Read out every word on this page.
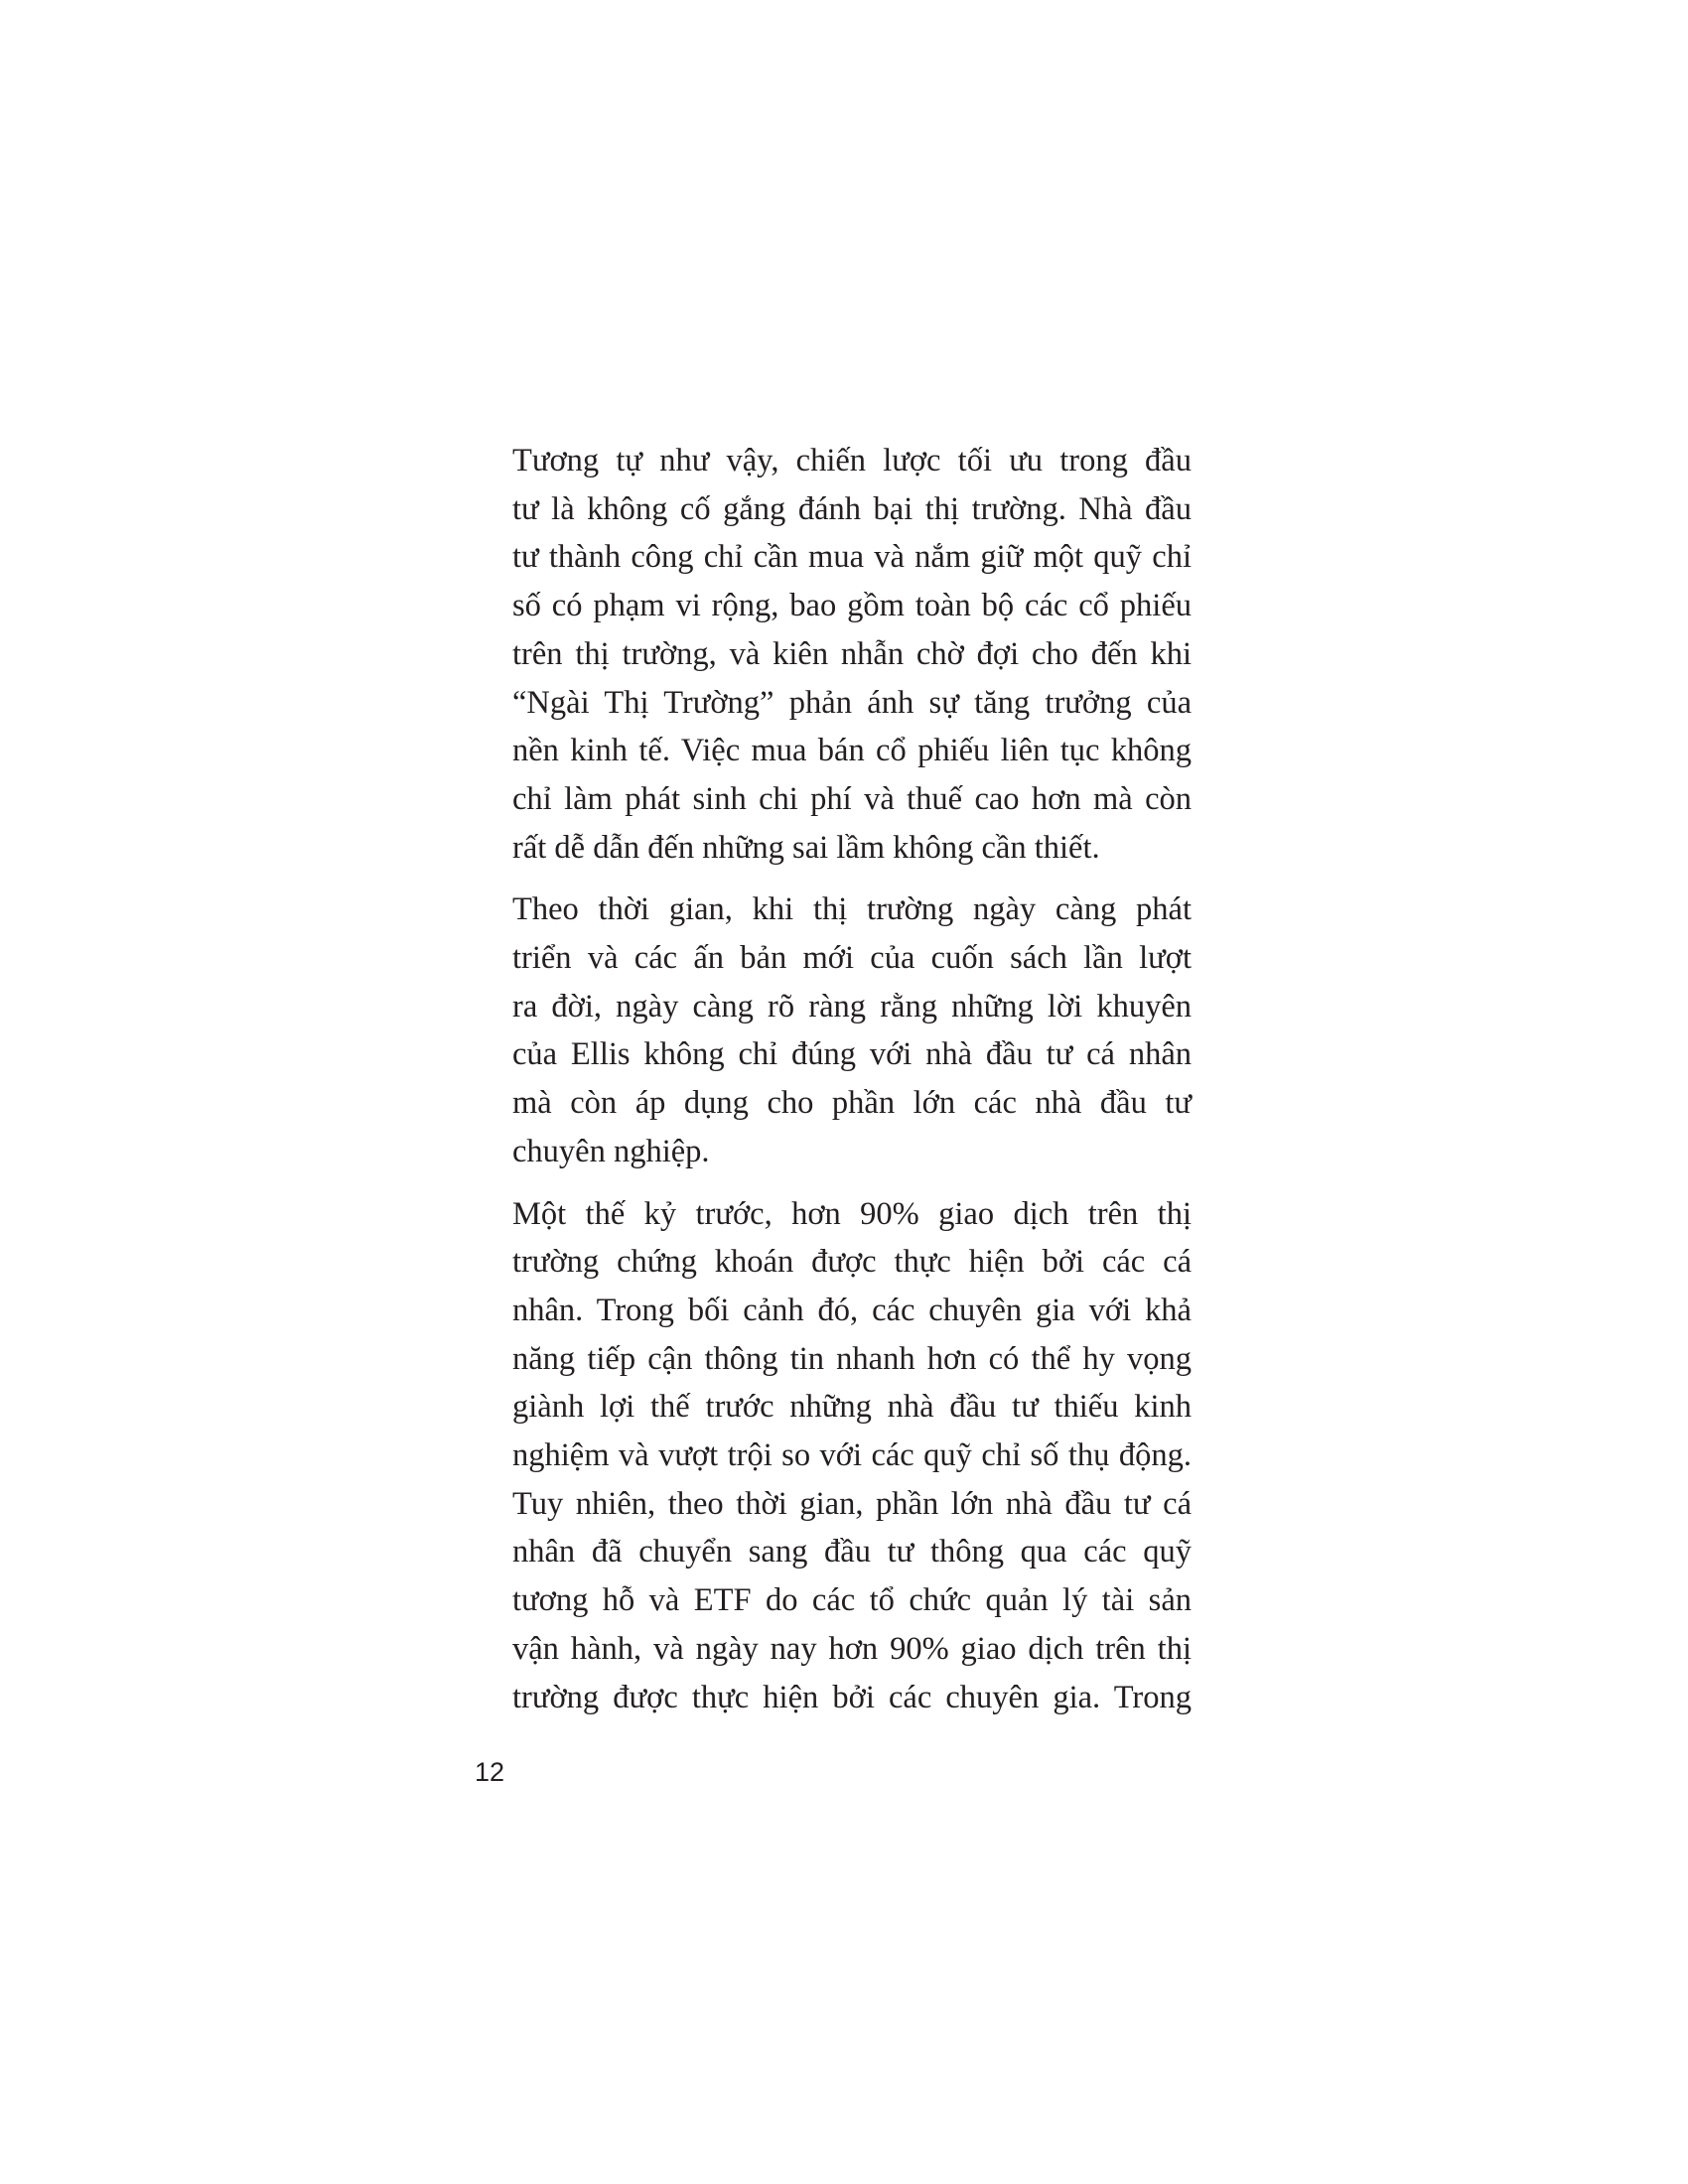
Tương tự như vậy, chiến lược tối ưu trong đầu
tư là không cố gắng đánh bại thị trường. Nhà đầu
tư thành công chỉ cần mua và nắm giữ một quỹ chỉ
số có phạm vi rộng, bao gồm toàn bộ các cổ phiếu
trên thị trường, và kiên nhẫn chờ đợi cho đến khi
“Ngài Thị Trường” phản ánh sự tăng trưởng của
nền kinh tế. Việc mua bán cổ phiếu liên tục không
chỉ làm phát sinh chi phí và thuế cao hơn mà còn
rất dễ dẫn đến những sai lầm không cần thiết.

Theo thời gian, khi thị trường ngày càng phát
triển và các ấn bản mới của cuốn sách lần lượt
ra đời, ngày càng rõ ràng rằng những lời khuyên
của Ellis không chỉ đúng với nhà đầu tư cá nhân
mà còn áp dụng cho phần lớn các nhà đầu tư
chuyên nghiệp.

Một thế kỷ trước, hơn 90% giao dịch trên thị
trường chứng khoán được thực hiện bởi các cá
nhân. Trong bối cảnh đó, các chuyên gia với khả
năng tiếp cận thông tin nhanh hơn có thể hy vọng
giành lợi thế trước những nhà đầu tư thiếu kinh
nghiệm và vượt trội so với các quỹ chỉ số thụ động.
Tuy nhiên, theo thời gian, phần lớn nhà đầu tư cá
nhân đã chuyển sang đầu tư thông qua các quỹ
tương hỗ và ETF do các tổ chức quản lý tài sản
vận hành, và ngày nay hơn 90% giao dịch trên thị
trường được thực hiện bởi các chuyên gia. Trong

12
